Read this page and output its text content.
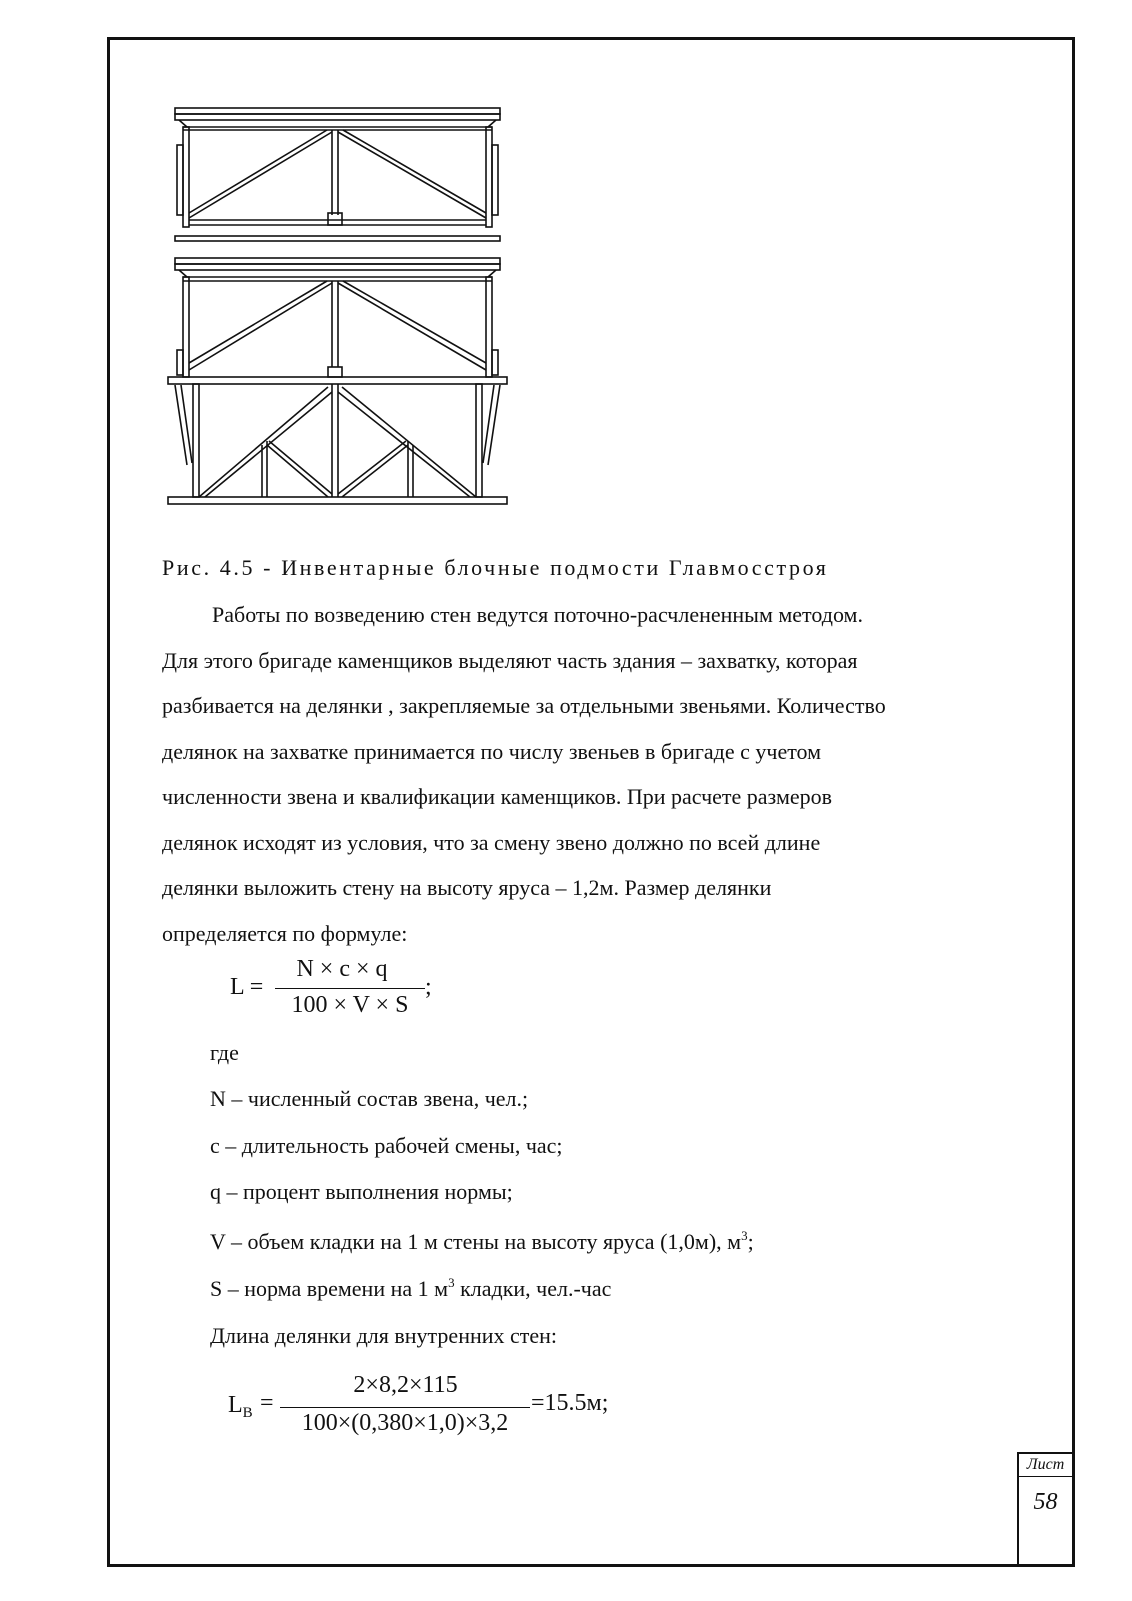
Рис. 4.5 - Инвентарные блочные подмости Главмосстроя
Работы по возведению стен ведутся поточно-расчлененным методом.
Для этого бригаде каменщиков выделяют часть здания – захватку, которая
разбивается на делянки , закрепляемые за отдельными звеньями. Количество
делянок на захватке принимается по числу звеньев в бригаде с учетом
численности звена и квалификации каменщиков. При расчете размеров
делянок исходят из условия, что за смену звено должно по всей длине
делянки выложить стену на высоту яруса – 1,2м. Размер делянки
определяется по формуле:
L =
N × c × q
100 × V × S
;
где
N – численный состав звена, чел.;
c – длительность рабочей смены, час;
q – процент выполнения нормы;
V – объем кладки на 1 м стены на высоту яруса (1,0м), $м^3$;
S – норма времени на 1 $м^3$ кладки, чел.-час
Длина делянки для внутренних стен:
$L_В$ =
2×8,2×115
100×(0,380×1,0)×3,2
=15.5м;
Лист
58
